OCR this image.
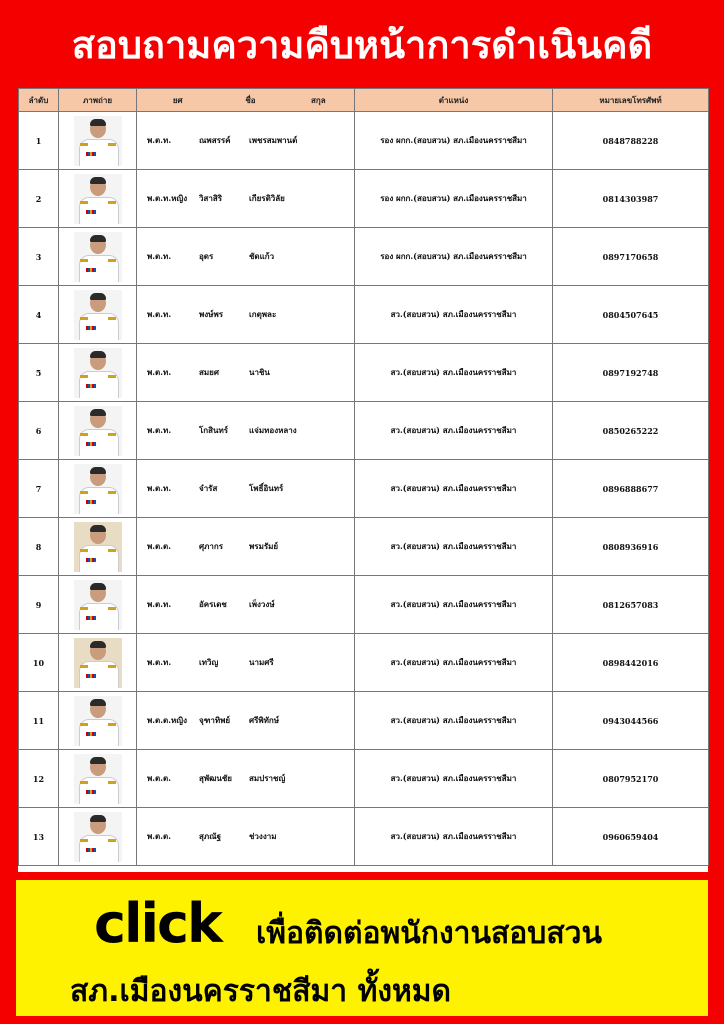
สอบถามความคืบหน้าการดำเนินคดี
ลำดับ	ภาพถ่าย	ยศ ชื่อ สกุล	ตำแหน่ง	หมายเลขโทรศัพท์
1		พ.ต.ท. ณพสรรค์ เพชรสมพานต์	รอง ผกก.(สอบสวน) สภ.เมืองนครราชสีมา	0848788228
2		พ.ต.ท.หญิง วิสาสิริ เกียรติวิลัย	รอง ผกก.(สอบสวน) สภ.เมืองนครราชสีมา	0814303987
3		พ.ต.ท. อุดร ชัดแก้ว	รอง ผกก.(สอบสวน) สภ.เมืองนครราชสีมา	0897170658
4		พ.ต.ท. พงษ์พร เกตุพละ	สว.(สอบสวน) สภ.เมืองนครราชสีมา	0804507645
5		พ.ต.ท. สมยศ นาชิน	สว.(สอบสวน) สภ.เมืองนครราชสีมา	0897192748
6		พ.ต.ท. โกสินทร์ แจ่มทองหลาง	สว.(สอบสวน) สภ.เมืองนครราชสีมา	0850265222
7		พ.ต.ท. จำรัส โพธิ์อินทร์	สว.(สอบสวน) สภ.เมืองนครราชสีมา	0896888677
8		พ.ต.ต. ศุภากร พรมรัมย์	สว.(สอบสวน) สภ.เมืองนครราชสีมา	0808936916
9		พ.ต.ท. อัครเดช เพ็งวงษ์	สว.(สอบสวน) สภ.เมืองนครราชสีมา	0812657083
10		พ.ต.ท. เทวิญ นามศรี	สว.(สอบสวน) สภ.เมืองนครราชสีมา	0898442016
11		พ.ต.ต.หญิง จุฑาทิพย์ ศรีพิทักษ์	สว.(สอบสวน) สภ.เมืองนครราชสีมา	0943044566
12		พ.ต.ต. สุพัฒนชัย สมปราชญ์	สว.(สอบสวน) สภ.เมืองนครราชสีมา	0807952170
13		พ.ต.ต. สุภณัฐ ช่วงงาม	สว.(สอบสวน) สภ.เมืองนครราชสีมา	0960659404
click เพื่อติดต่อพนักงานสอบสวน
สภ.เมืองนครราชสีมา ทั้งหมด
